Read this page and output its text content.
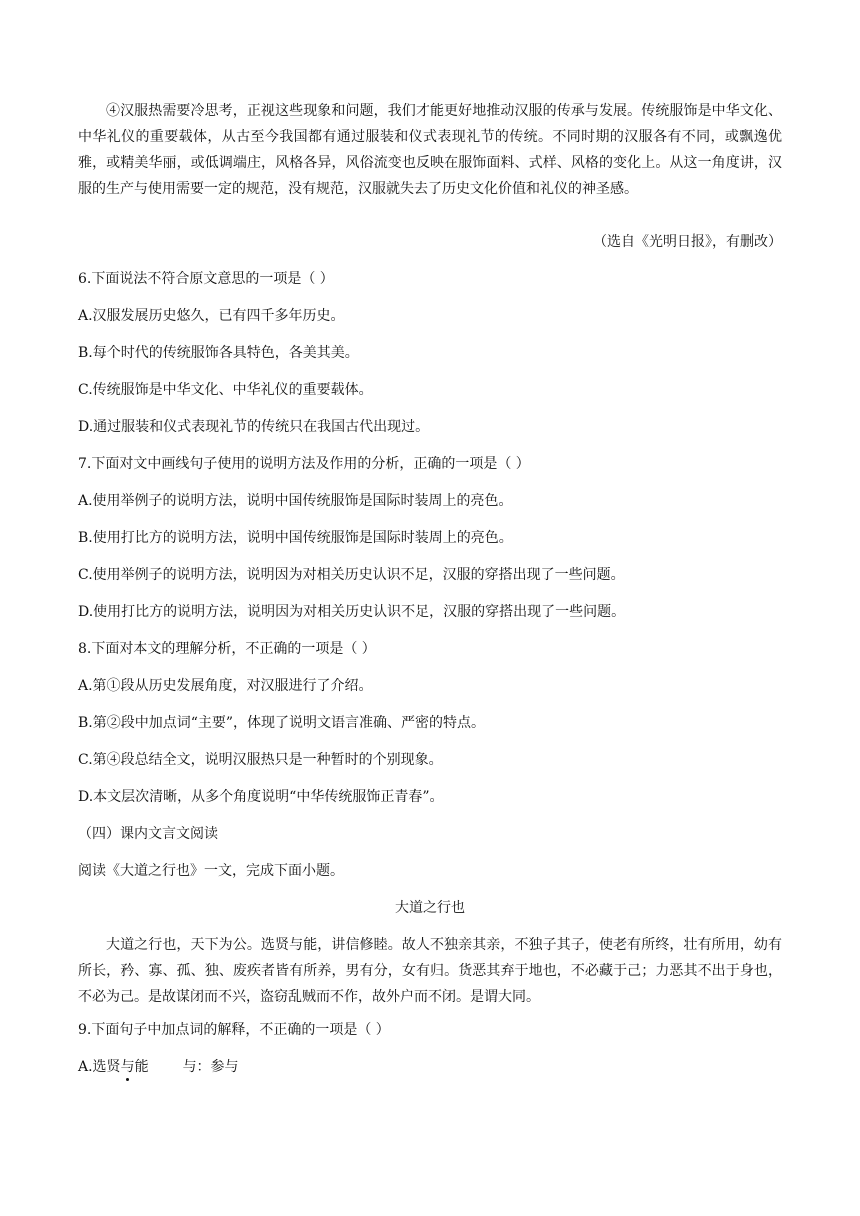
④汉服热需要冷思考，正视这些现象和问题，我们才能更好地推动汉服的传承与发展。传统服饰是中华文化、中华礼仪的重要载体，从古至今我国都有通过服装和仪式表现礼节的传统。不同时期的汉服各有不同，或飘逸优雅，或精美华丽，或低调端庄，风格各异，风俗流变也反映在服饰面料、式样、风格的变化上。从这一角度讲，汉服的生产与使用需要一定的规范，没有规范，汉服就失去了历史文化价值和礼仪的神圣感。
（选自《光明日报》，有删改）
6.下面说法不符合原文意思的一项是（ ）
A.汉服发展历史悠久，已有四千多年历史。
B.每个时代的传统服饰各具特色，各美其美。
C.传统服饰是中华文化、中华礼仪的重要载体。
D.通过服装和仪式表现礼节的传统只在我国古代出现过。
7.下面对文中画线句子使用的说明方法及作用的分析，正确的一项是（ ）
A.使用举例子的说明方法，说明中国传统服饰是国际时装周上的亮色。
B.使用打比方的说明方法，说明中国传统服饰是国际时装周上的亮色。
C.使用举例子的说明方法，说明因为对相关历史认识不足，汉服的穿搭出现了一些问题。
D.使用打比方的说明方法，说明因为对相关历史认识不足，汉服的穿搭出现了一些问题。
8.下面对本文的理解分析，不正确的一项是（ ）
A.第①段从历史发展角度，对汉服进行了介绍。
B.第②段中加点词“主要”，体现了说明文语言准确、严密的特点。
C.第④段总结全文，说明汉服热只是一种暂时的个别现象。
D.本文层次清晰，从多个角度说明“中华传统服饰正青春”。
（四）课内文言文阅读
阅读《大道之行也》一文，完成下面小题。
大道之行也
大道之行也，天下为公。选贤与能，讲信修睦。故人不独亲其亲，不独子其子，使老有所终，壮有所用，幼有所长，矜、寡、孤、独、废疾者皆有所养，男有分，女有归。货恶其弃于地也，不必藏于己；力恶其不出于身也，不必为己。是故谋闭而不兴，盗窃乱贼而不作，故外户而不闭。是谓大同。
9.下面句子中加点词的解释，不正确的一项是（ ）
A.选贤与能 与：参与
